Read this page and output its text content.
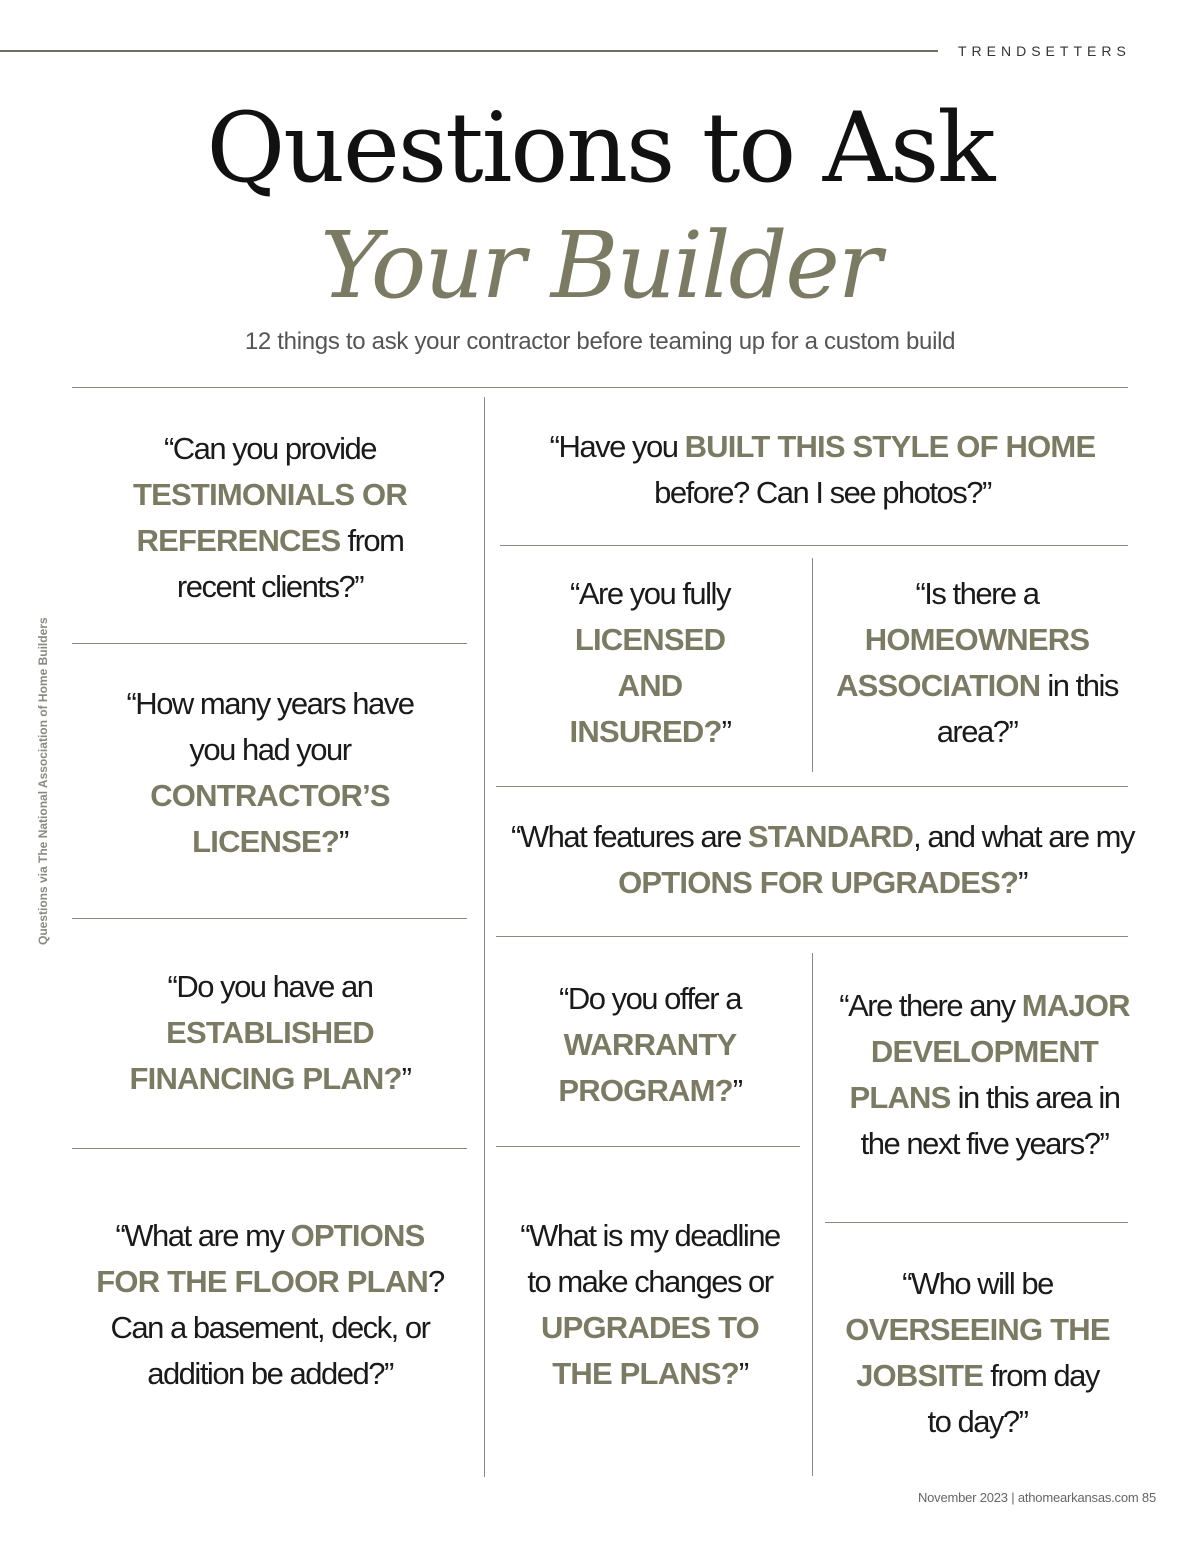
TRENDSETTERS
Questions to Ask
Your Builder
12 things to ask your contractor before teaming up for a custom build
Questions via The National Association of Home Builders
“Can you provide TESTIMONIALS OR REFERENCES from recent clients?”
“Have you BUILT THIS STYLE OF HOME before? Can I see photos?”
“Are you fully LICENSED AND INSURED?”
“Is there a HOMEOWNERS ASSOCIATION in this area?”
“How many years have you had your CONTRACTOR’S LICENSE?”	“What features are STANDARD, and what are my OPTIONS FOR UPGRADES?”
“Do you have an ESTABLISHED FINANCING PLAN?”
“Do you offer a WARRANTY PROGRAM?”
“Are there any MAJOR DEVELOPMENT PLANS in this area in the next five years?”
“What are my OPTIONS FOR THE FLOOR PLAN? Can a basement, deck, or addition be added?”
“What is my deadline to make changes or UPGRADES TO THE PLANS?”
“Who will be OVERSEEING THE JOBSITE from day to day?”
November 2023 | athomearkansas.com 85
